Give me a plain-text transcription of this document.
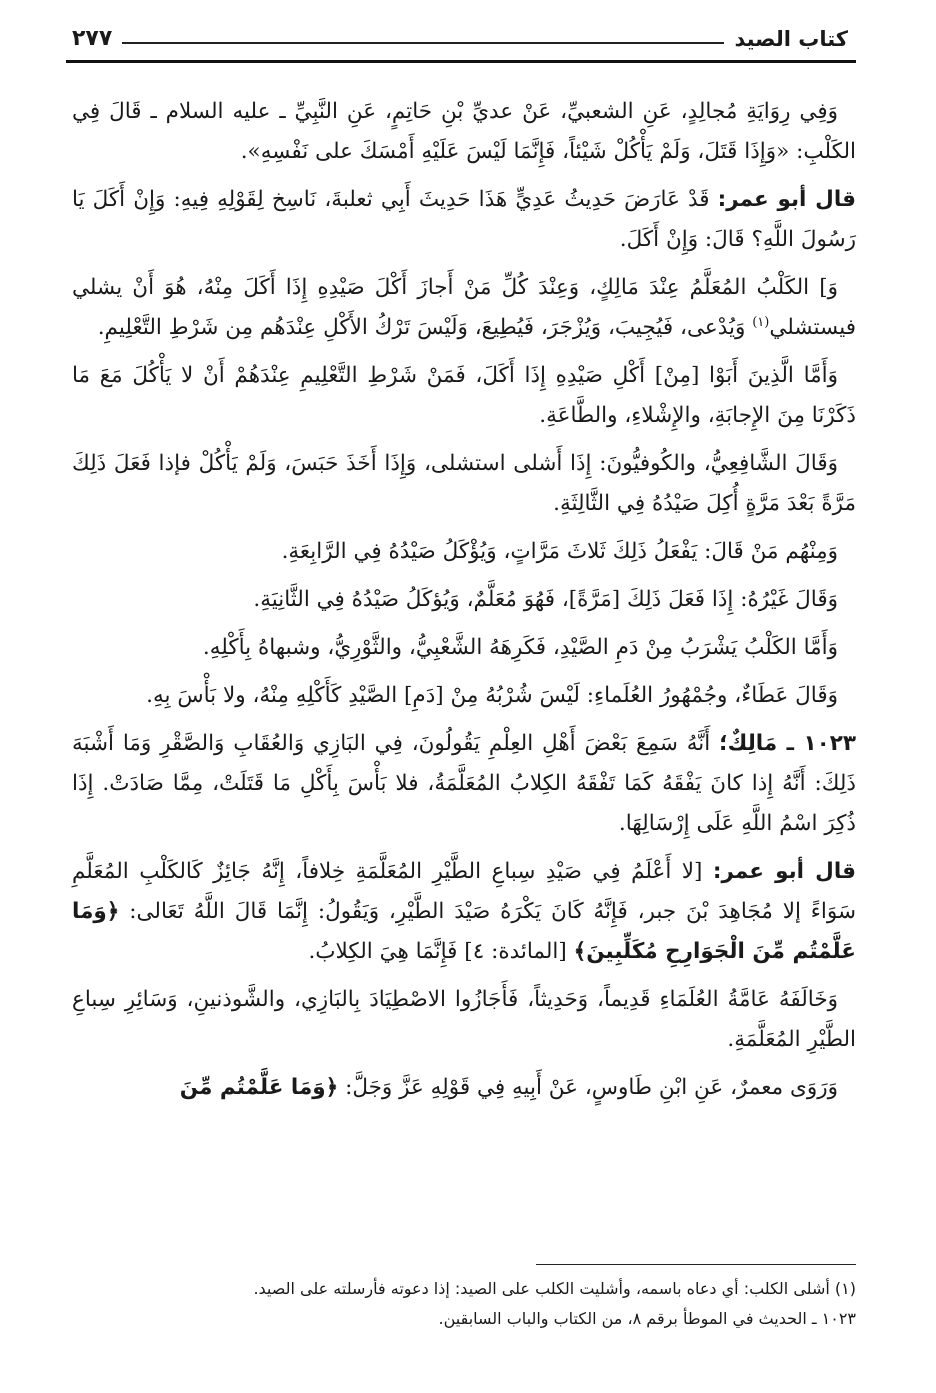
كتاب الصيد
٢٧٧

وَفِي رِوَايَةِ مُجالِدٍ، عَنِ الشعبيِّ، عَنْ عديِّ بْنِ حَاتِمٍ، عَنِ النَّبِيِّ ـ عليه السلام ـ قَالَ فِي الكَلْبِ: «وَإِذَا قَتَلَ، وَلَمْ يَأْكُلْ شَيْئاً، فَإِنَّمَا لَيْسَ عَلَيْهِ أَمْسَكَ على نَفْسِهِ».

قال أبو عمر: قَدْ عَارَضَ حَدِيثُ عَدِيٍّ هَذَا حَدِيثَ أَبِي ثعلبةَ، نَاسِخ لِقَوْلِهِ فِيهِ: وَإِنْ أَكَلَ يَا رَسُولَ اللَّهِ؟ قَالَ: وَإِنْ أَكَلَ.

وَ] الكَلْبُ المُعَلَّمُ عِنْدَ مَالِكٍ، وَعِنْدَ كُلِّ مَنْ أَجازَ أَكْلَ صَيْدِهِ إِذَا أَكَلَ مِنْهُ، هُوَ أَنْ يشلي فيستشلي$^{(١)}$ وَيُدْعى، فَيُجِيبَ، وَيُزْجَرَ، فَيُطِيعَ، وَلَيْسَ تَرْكُ الأَكْلِ عِنْدَهُم مِن شَرْطِ التَّعْلِيمِ.

وَأَمَّا الَّذِينَ أَبَوْا [مِنْ] أَكْلِ صَيْدِهِ إِذَا أَكَلَ، فَمَنْ شَرْطِ التَّعْلِيمِ عِنْدَهُمْ أَنْ لا يَأْكُلَ مَعَ مَا ذَكَرْنَا مِنَ الإِجابَةِ، والإِشْلاءِ، والطَّاعَةِ.

وَقَالَ الشَّافِعِيُّ، والكُوفيُّونَ: إِذَا أَشلى استشلى، وَإِذَا أَخَذَ حَبَسَ، وَلَمْ يَأْكُلْ فإذا فَعَلَ ذَلِكَ مَرَّةً بَعْدَ مَرَّةٍ أُكِلَ صَيْدُهُ فِي الثَّالِثَةِ.

وَمِنْهُم مَنْ قَالَ: يَفْعَلُ ذَلِكَ ثَلاثَ مَرَّاتٍ، وَيُؤْكَلُ صَيْدُهُ فِي الرَّابِعَةِ.

وَقَالَ غَيْرُهُ: إِذَا فَعَلَ ذَلِكَ [مَرَّةً]، فَهُوَ مُعَلَّمٌ، وَيُؤكَلُ صَيْدُهُ فِي الثَّانِيَةِ.

وَأَمَّا الكَلْبُ يَشْرَبُ مِنْ دَمِ الصَّيْدِ، فَكَرِهَهُ الشَّعْبِيُّ، والثَّوْرِيُّ، وشبهاهُ بِأَكْلِهِ.

وَقَالَ عَطَاءٌ، وجُمْهُورُ العُلَماءِ: لَيْسَ شُرْبُهُ مِنْ [دَمِ] الصَّيْدِ كَأَكْلِهِ مِنْهُ، ولا بَأْسَ بِهِ.

١٠٢٣ ـ مَالِكٌ؛ أَنَّهُ سَمِعَ بَعْضَ أَهْلِ العِلْمِ يَقُولُونَ، فِي البَازِي وَالعُقَابِ وَالصَّقْرِ وَمَا أَشْبَهَ ذَلِكَ: أَنَّهُ إِذا كانَ يَفْقَهُ كَمَا تَفْقَهُ الكِلابُ المُعَلَّمَةُ، فلا بَأْسَ بِأَكْلِ مَا قَتَلَتْ، مِمَّا صَادَتْ. إِذَا ذُكِرَ اسْمُ اللَّهِ عَلَى إِرْسَالِهَا.

قال أبو عمر: [لا أَعْلَمُ فِي صَيْدِ سِباعِ الطَّيْرِ المُعَلَّمَةِ خِلافاً، إِنَّهُ جَائِزٌ كَالكَلْبِ المُعَلَّمِ سَوَاءً إلا مُجَاهِدَ بْنَ جبر، فَإِنَّهُ كَانَ يَكْرَهُ صَيْدَ الطَّيْرِ، وَيَقُولُ: إِنَّمَا قَالَ اللَّهُ تَعَالى: ﴿وَمَا عَلَّمْتُم مِّنَ الْجَوَارِحِ مُكَلِّبِينَ﴾ [المائدة: ٤] فَإِنَّمَا هِيَ الكِلابُ.

وَخَالَفَهُ عَامَّةُ العُلَمَاءِ قَدِيماً، وَحَدِيثاً، فَأَجَازُوا الاصْطِيَادَ بِالبَازِي، والشَّوذنينِ، وَسَائِرِ سِباعِ الطَّيْرِ المُعَلَّمَةِ.

وَرَوَى معمرٌ، عَنِ ابْنِ طَاوسٍ، عَنْ أَبِيهِ فِي قَوْلِهِ عَزَّ وَجَلَّ: ﴿وَمَا عَلَّمْتُم مِّنَ

(١) أشلى الكلب: أي دعاه باسمه، وأشليت الكلب على الصيد: إذا دعوته فأرسلته على الصيد.

١٠٢٣ ـ الحديث في الموطأ برقم ٨، من الكتاب والباب السابقين.
